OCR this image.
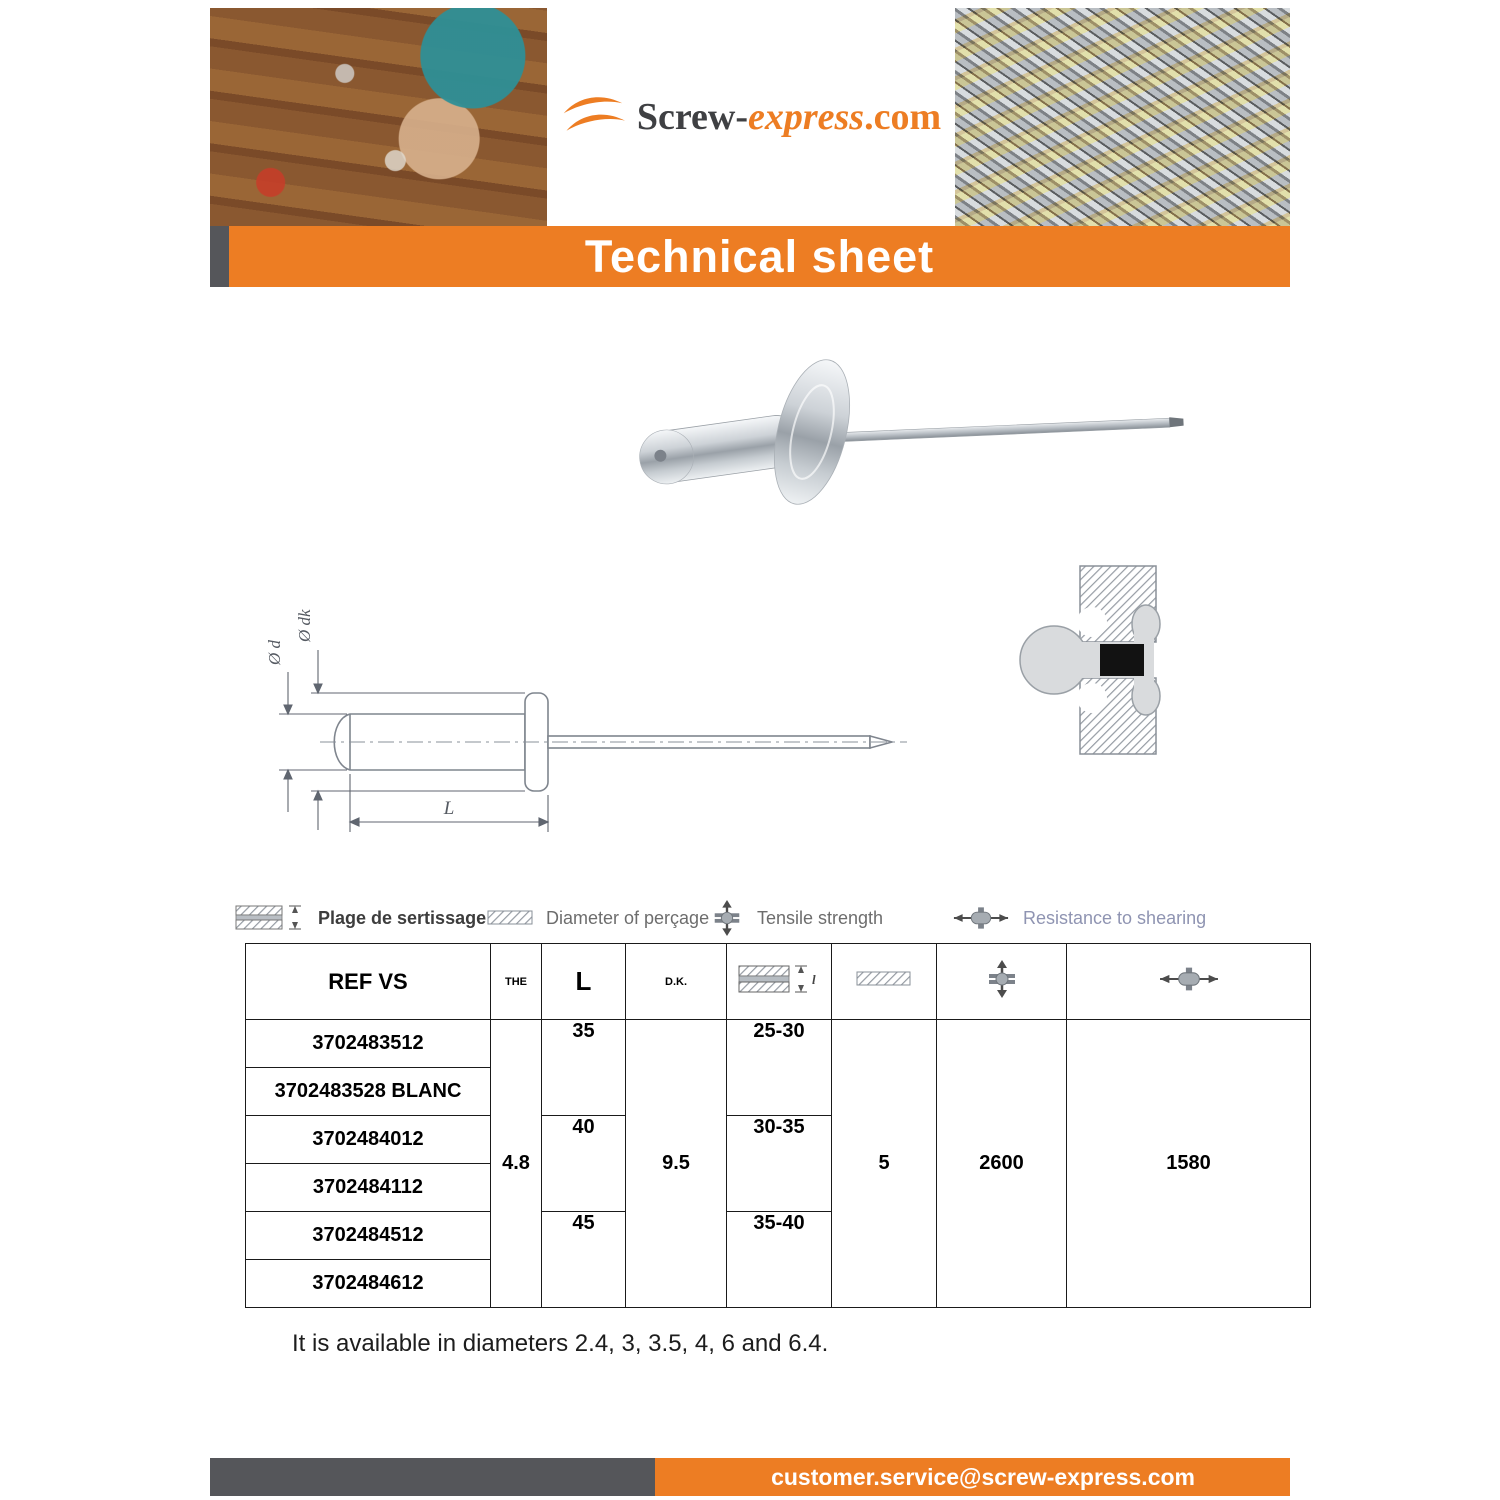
Screw-express.com
Technical sheet
Ø d
Ø dk
L
Plage de sertissage	Diameter of perçage	Tensile strength	Resistance to shearing
REF VS	THE	L	D.K.	l

3702483512	4.8	35	9.5	25-30	5	2600	1580
3702483528 BLANC							
3702484012		40		30-35			
3702484112							
3702484512		45		35-40			
3702484612							
It is available in diameters 2.4, 3, 3.5, 4, 6 and 6.4.
customer.service@screw-express.com
